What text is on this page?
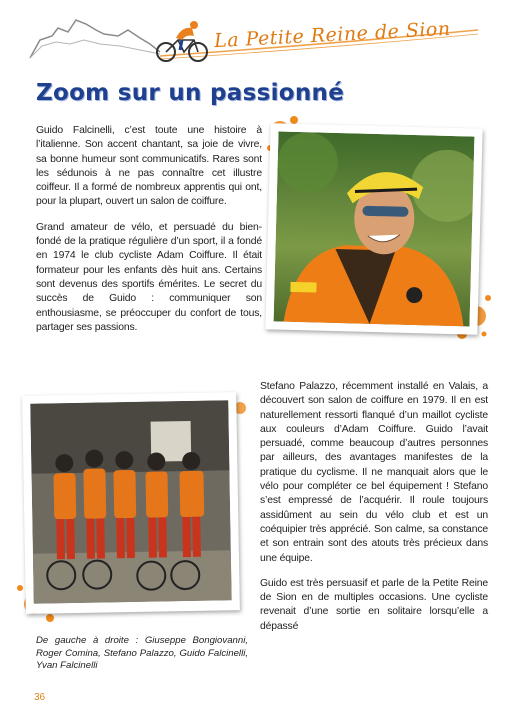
La Petite Reine de Sion
Zoom sur un passionné

Guido Falcinelli, c’est toute une histoire à l’italienne. Son accent chantant, sa joie de vivre, sa bonne humeur sont communicatifs. Rares sont les sédunois à ne pas connaître cet illustre coiffeur. Il a formé de nombreux apprentis qui ont, pour la plupart, ouvert un salon de coiffure.

Grand amateur de vélo, et persuadé du bien-fondé de la pratique régulière d’un sport, il a fondé en 1974 le club cycliste Adam Coiffure. Il était formateur pour les enfants dès huit ans. Certains sont devenus des sportifs émérites. Le secret du succès de Guido : communiquer son enthousiasme, se préoccuper du confort de tous, partager ses passions.

Stefano Palazzo, récemment installé en Valais, a découvert son salon de coiffure en 1979. Il en est naturellement ressorti flanqué d’un maillot cycliste aux couleurs d’Adam Coiffure. Guido l’avait persuadé, comme beaucoup d’autres personnes par ailleurs, des avantages manifestes de la pratique du cyclisme. Il ne manquait alors que le vélo pour compléter ce bel équipement ! Stefano s’est empressé de l’acquérir. Il roule toujours assidûment au sein du vélo club et est un coéquipier très apprécié. Son calme, sa constance et son entrain sont des atouts très précieux dans une équipe.

Guido est très persuasif et parle de la Petite Reine de Sion en de multiples occasions. Une cycliste revenait d’une sortie en solitaire lorsqu’elle a dépassé

De gauche à droite : Giuseppe Bongiovanni, Roger Comina, Stefano Palazzo, Guido Falcinelli, Yvan Falcinelli
36
